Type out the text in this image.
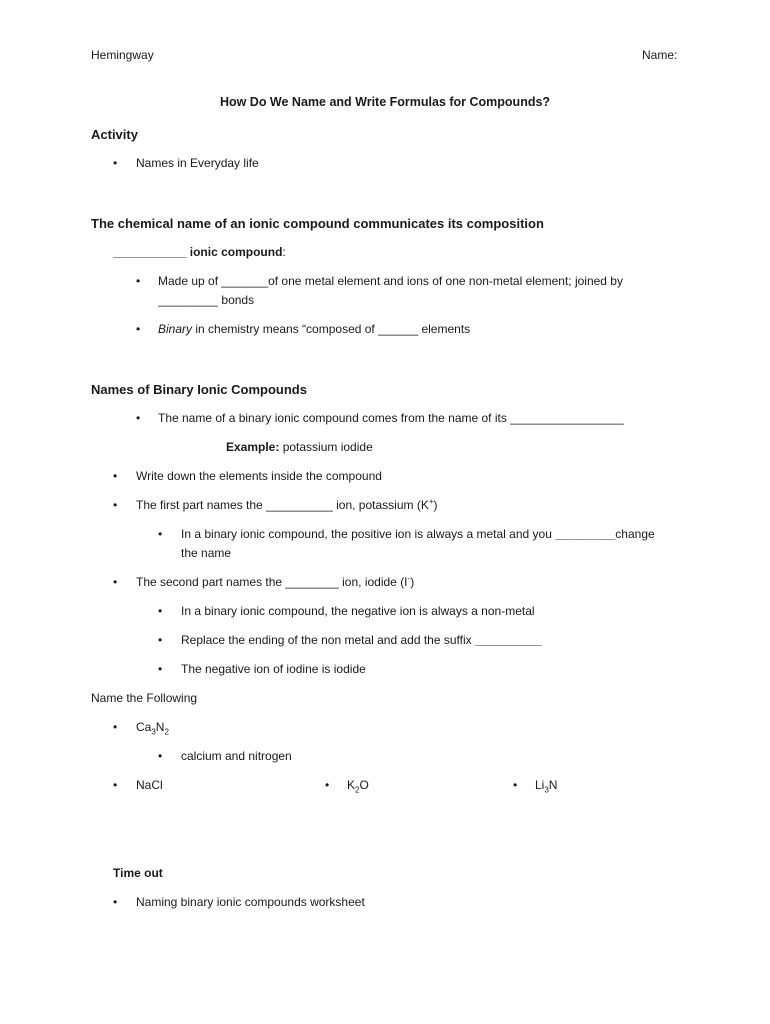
Hemingway	Name:
How Do We Name and Write Formulas for Compounds?
Activity
• Names in Everyday life
The chemical name of an ionic compound communicates its composition
___________ ionic compound:
• Made up of _______of one metal element and ions of one non-metal element; joined by
_________ bonds
• Binary in chemistry means “composed of ______ elements
Names of Binary Ionic Compounds
• The name of a binary ionic compound comes from the name of its _________________
Example: potassium iodide
• Write down the elements inside the compound
• The first part names the __________ ion, potassium (K+)
• In a binary ionic compound, the positive ion is always a metal and you _________change
the name
• The second part names the ________ ion, iodide (I-)
• In a binary ionic compound, the negative ion is always a non-metal
• Replace the ending of the non metal and add the suffix __________
• The negative ion of iodine is iodide
Name the Following
• $Ca_3N_2$
• calcium and nitrogen
• NaCl	• $K_2O$	• $Li_3N$
Time out
• Naming binary ionic compounds worksheet
